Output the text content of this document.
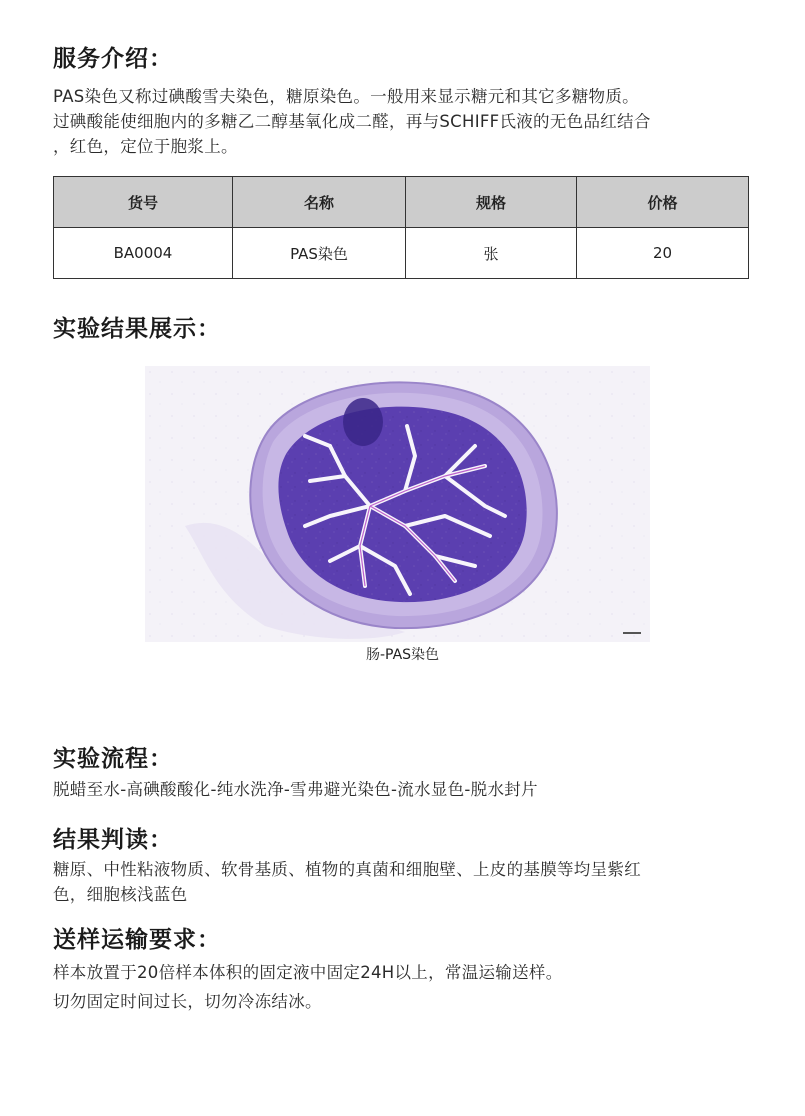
服务介绍：

PAS染色又称过碘酸雪夫染色，糖原染色。一般用来显示糖元和其它多糖物质。

过碘酸能使细胞内的多糖乙二醇基氧化成二醛，再与SCHIFF氏液的无色品红结合

，红色，定位于胞浆上。

货号	名称	规格	价格
BA0004	PAS染色	张	20
实验结果展示：
肠-PAS染色
实验流程：
脱蜡至水-高碘酸酸化-纯水洗净-雪弗避光染色-流水显色-脱水封片
结果判读：

糖原、中性粘液物质、软骨基质、植物的真菌和细胞壁、上皮的基膜等均呈紫红

色，细胞核浅蓝色

送样运输要求：

样本放置于20倍样本体积的固定液中固定24H以上，常温运输送样。

切勿固定时间过长，切勿冷冻结冰。
